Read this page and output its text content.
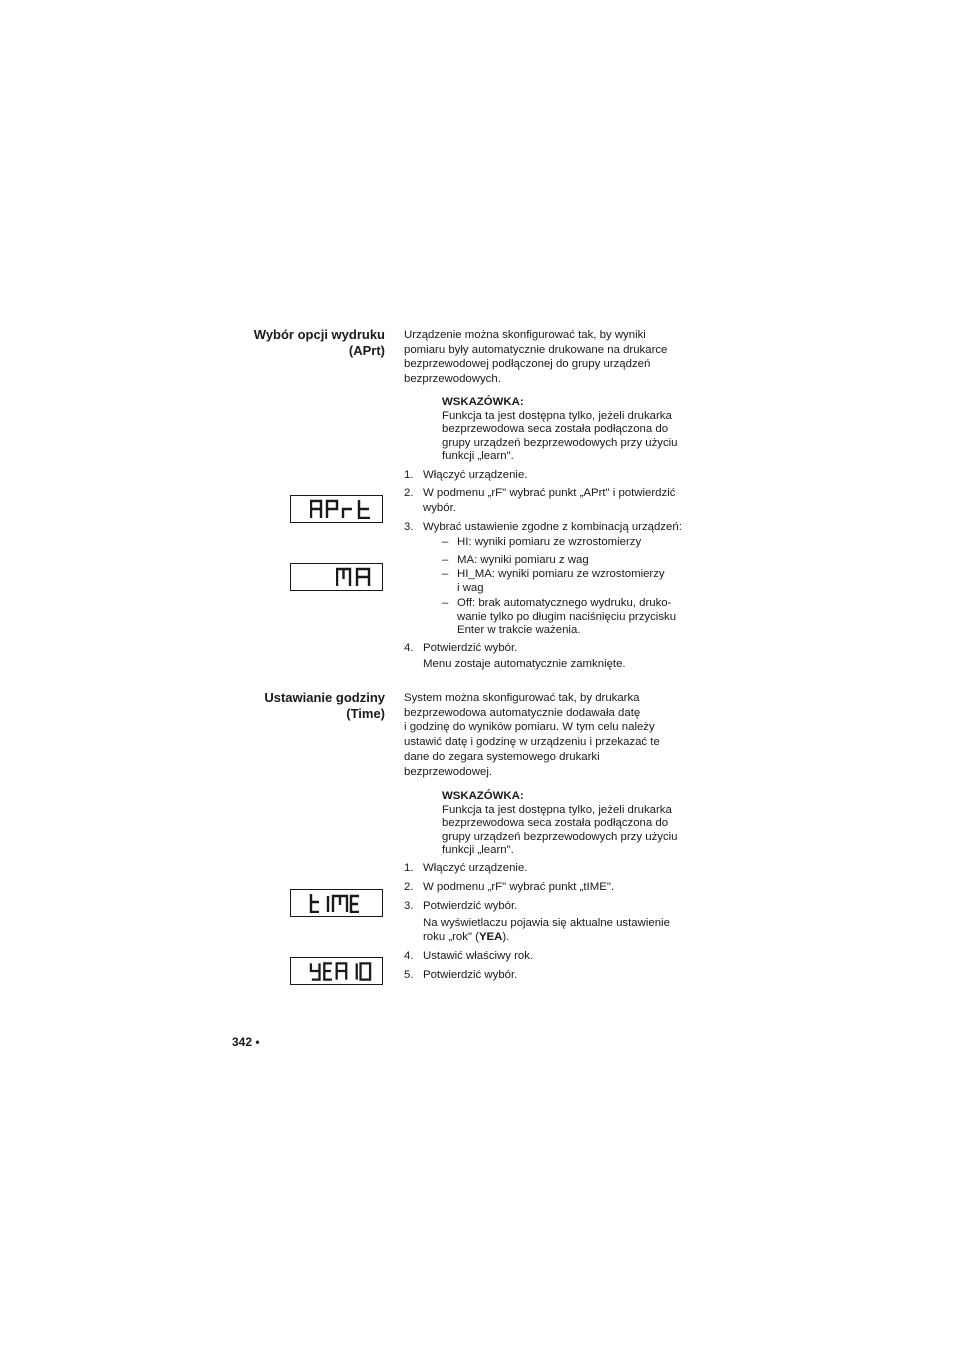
Wybór opcji wydruku
(APrt)
Urządzenie można skonfigurować tak, by wyniki
pomiaru były automatycznie drukowane na drukarce
bezprzewodowej podłączonej do grupy urządzeń
bezprzewodowych.
WSKAZÓWKA:
Funkcja ta jest dostępna tylko, jeżeli drukarka
bezprzewodowa seca została podłączona do
grupy urządzeń bezprzewodowych przy użyciu
funkcji „learn".
1. Włączyć urządzenie.
2. W podmenu „rF" wybrać punkt „APrt" i potwierdzić
wybór.
3. Wybrać ustawienie zgodne z kombinacją urządzeń:
– HI: wyniki pomiaru ze wzrostomierzy
– MA: wyniki pomiaru z wag
– HI_MA: wyniki pomiaru ze wzrostomierzy
i wag
– Off: brak automatycznego wydruku, druko-
wanie tylko po długim naciśnięciu przycisku
Enter w trakcie ważenia.
4. Potwierdzić wybór.
Menu zostaje automatycznie zamknięte.
Ustawianie godziny
(Time)
System można skonfigurować tak, by drukarka
bezprzewodowa automatycznie dodawała datę
i godzinę do wyników pomiaru. W tym celu należy
ustawić datę i godzinę w urządzeniu i przekazać te
dane do zegara systemowego drukarki
bezprzewodowej.
WSKAZÓWKA:
Funkcja ta jest dostępna tylko, jeżeli drukarka
bezprzewodowa seca została podłączona do
grupy urządzeń bezprzewodowych przy użyciu
funkcji „learn".
1. Włączyć urządzenie.
2. W podmenu „rF" wybrać punkt „tIME".
3. Potwierdzić wybór.
Na wyświetlaczu pojawia się aktualne ustawienie
roku „rok" (YEA).
4. Ustawić właściwy rok.
5. Potwierdzić wybór.
342 •
